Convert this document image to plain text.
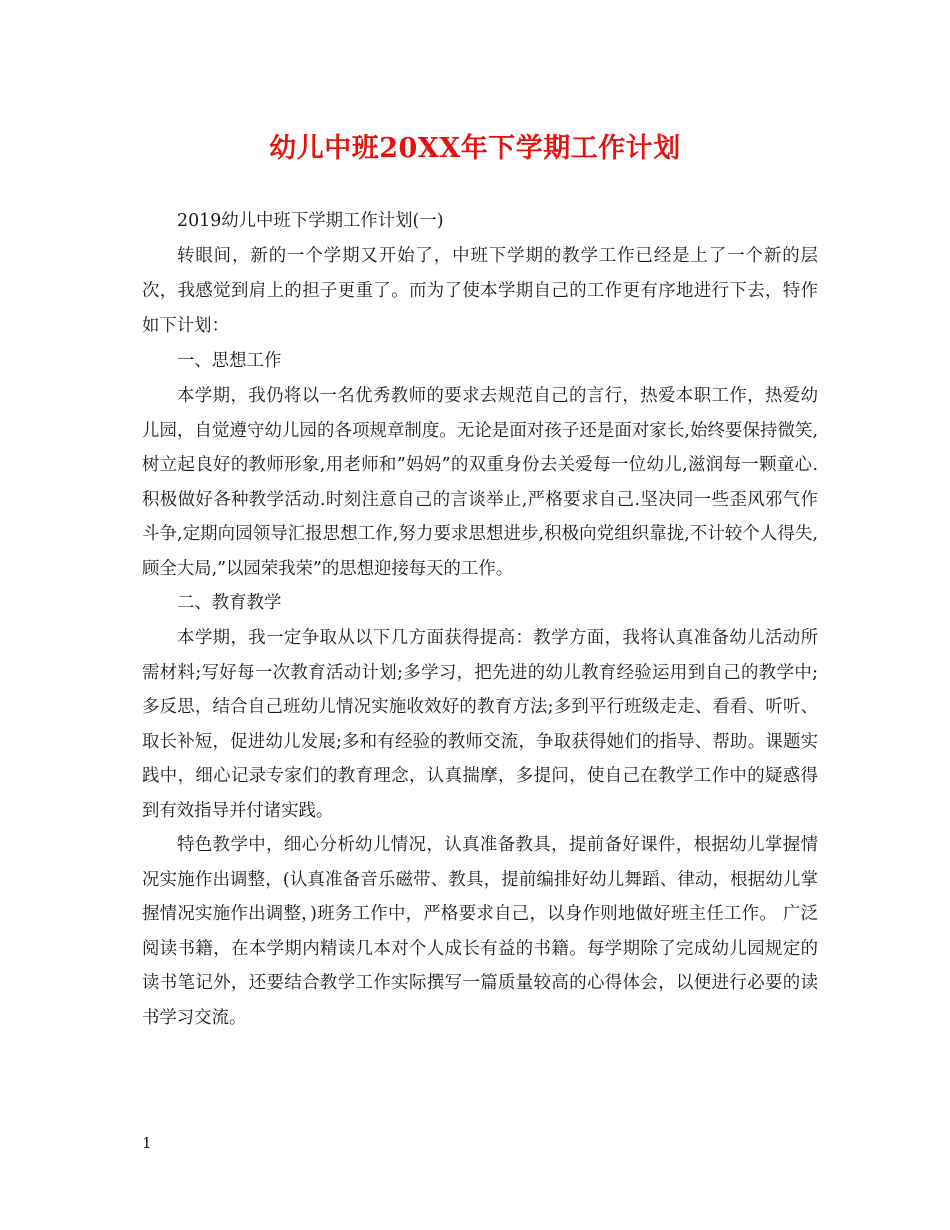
幼儿中班20XX年下学期工作计划

2019幼儿中班下学期工作计划(一)

转眼间，新的一个学期又开始了，中班下学期的教学工作已经是上了一个新的层次，我感觉到肩上的担子更重了。而为了使本学期自己的工作更有序地进行下去，特作如下计划：

一、思想工作

本学期，我仍将以一名优秀教师的要求去规范自己的言行，热爱本职工作，热爱幼儿园，自觉遵守幼儿园的各项规章制度。无论是面对孩子还是面对家长,始终要保持微笑,树立起良好的教师形象,用老师和”妈妈”的双重身份去关爱每一位幼儿,滋润每一颗童心.积极做好各种教学活动.时刻注意自己的言谈举止,严格要求自己.坚决同一些歪风邪气作斗争,定期向园领导汇报思想工作,努力要求思想进步,积极向党组织靠拢,不计较个人得失,顾全大局,”以园荣我荣”的思想迎接每天的工作。

二、教育教学

本学期，我一定争取从以下几方面获得提高：教学方面，我将认真准备幼儿活动所需材料;写好每一次教育活动计划;多学习，把先进的幼儿教育经验运用到自己的教学中;多反思，结合自己班幼儿情况实施收效好的教育方法;多到平行班级走走、看看、听听、取长补短，促进幼儿发展;多和有经验的教师交流，争取获得她们的指导、帮助。课题实践中，细心记录专家们的教育理念，认真揣摩，多提问，使自己在教学工作中的疑惑得到有效指导并付诸实践。

特色教学中，细心分析幼儿情况，认真准备教具，提前备好课件，根据幼儿掌握情况实施作出调整，(认真准备音乐磁带、教具，提前编排好幼儿舞蹈、律动，根据幼儿掌握情况实施作出调整，)班务工作中，严格要求自己，以身作则地做好班主任工作。 广泛阅读书籍，在本学期内精读几本对个人成长有益的书籍。每学期除了完成幼儿园规定的读书笔记外，还要结合教学工作实际撰写一篇质量较高的心得体会，以便进行必要的读书学习交流。

1
